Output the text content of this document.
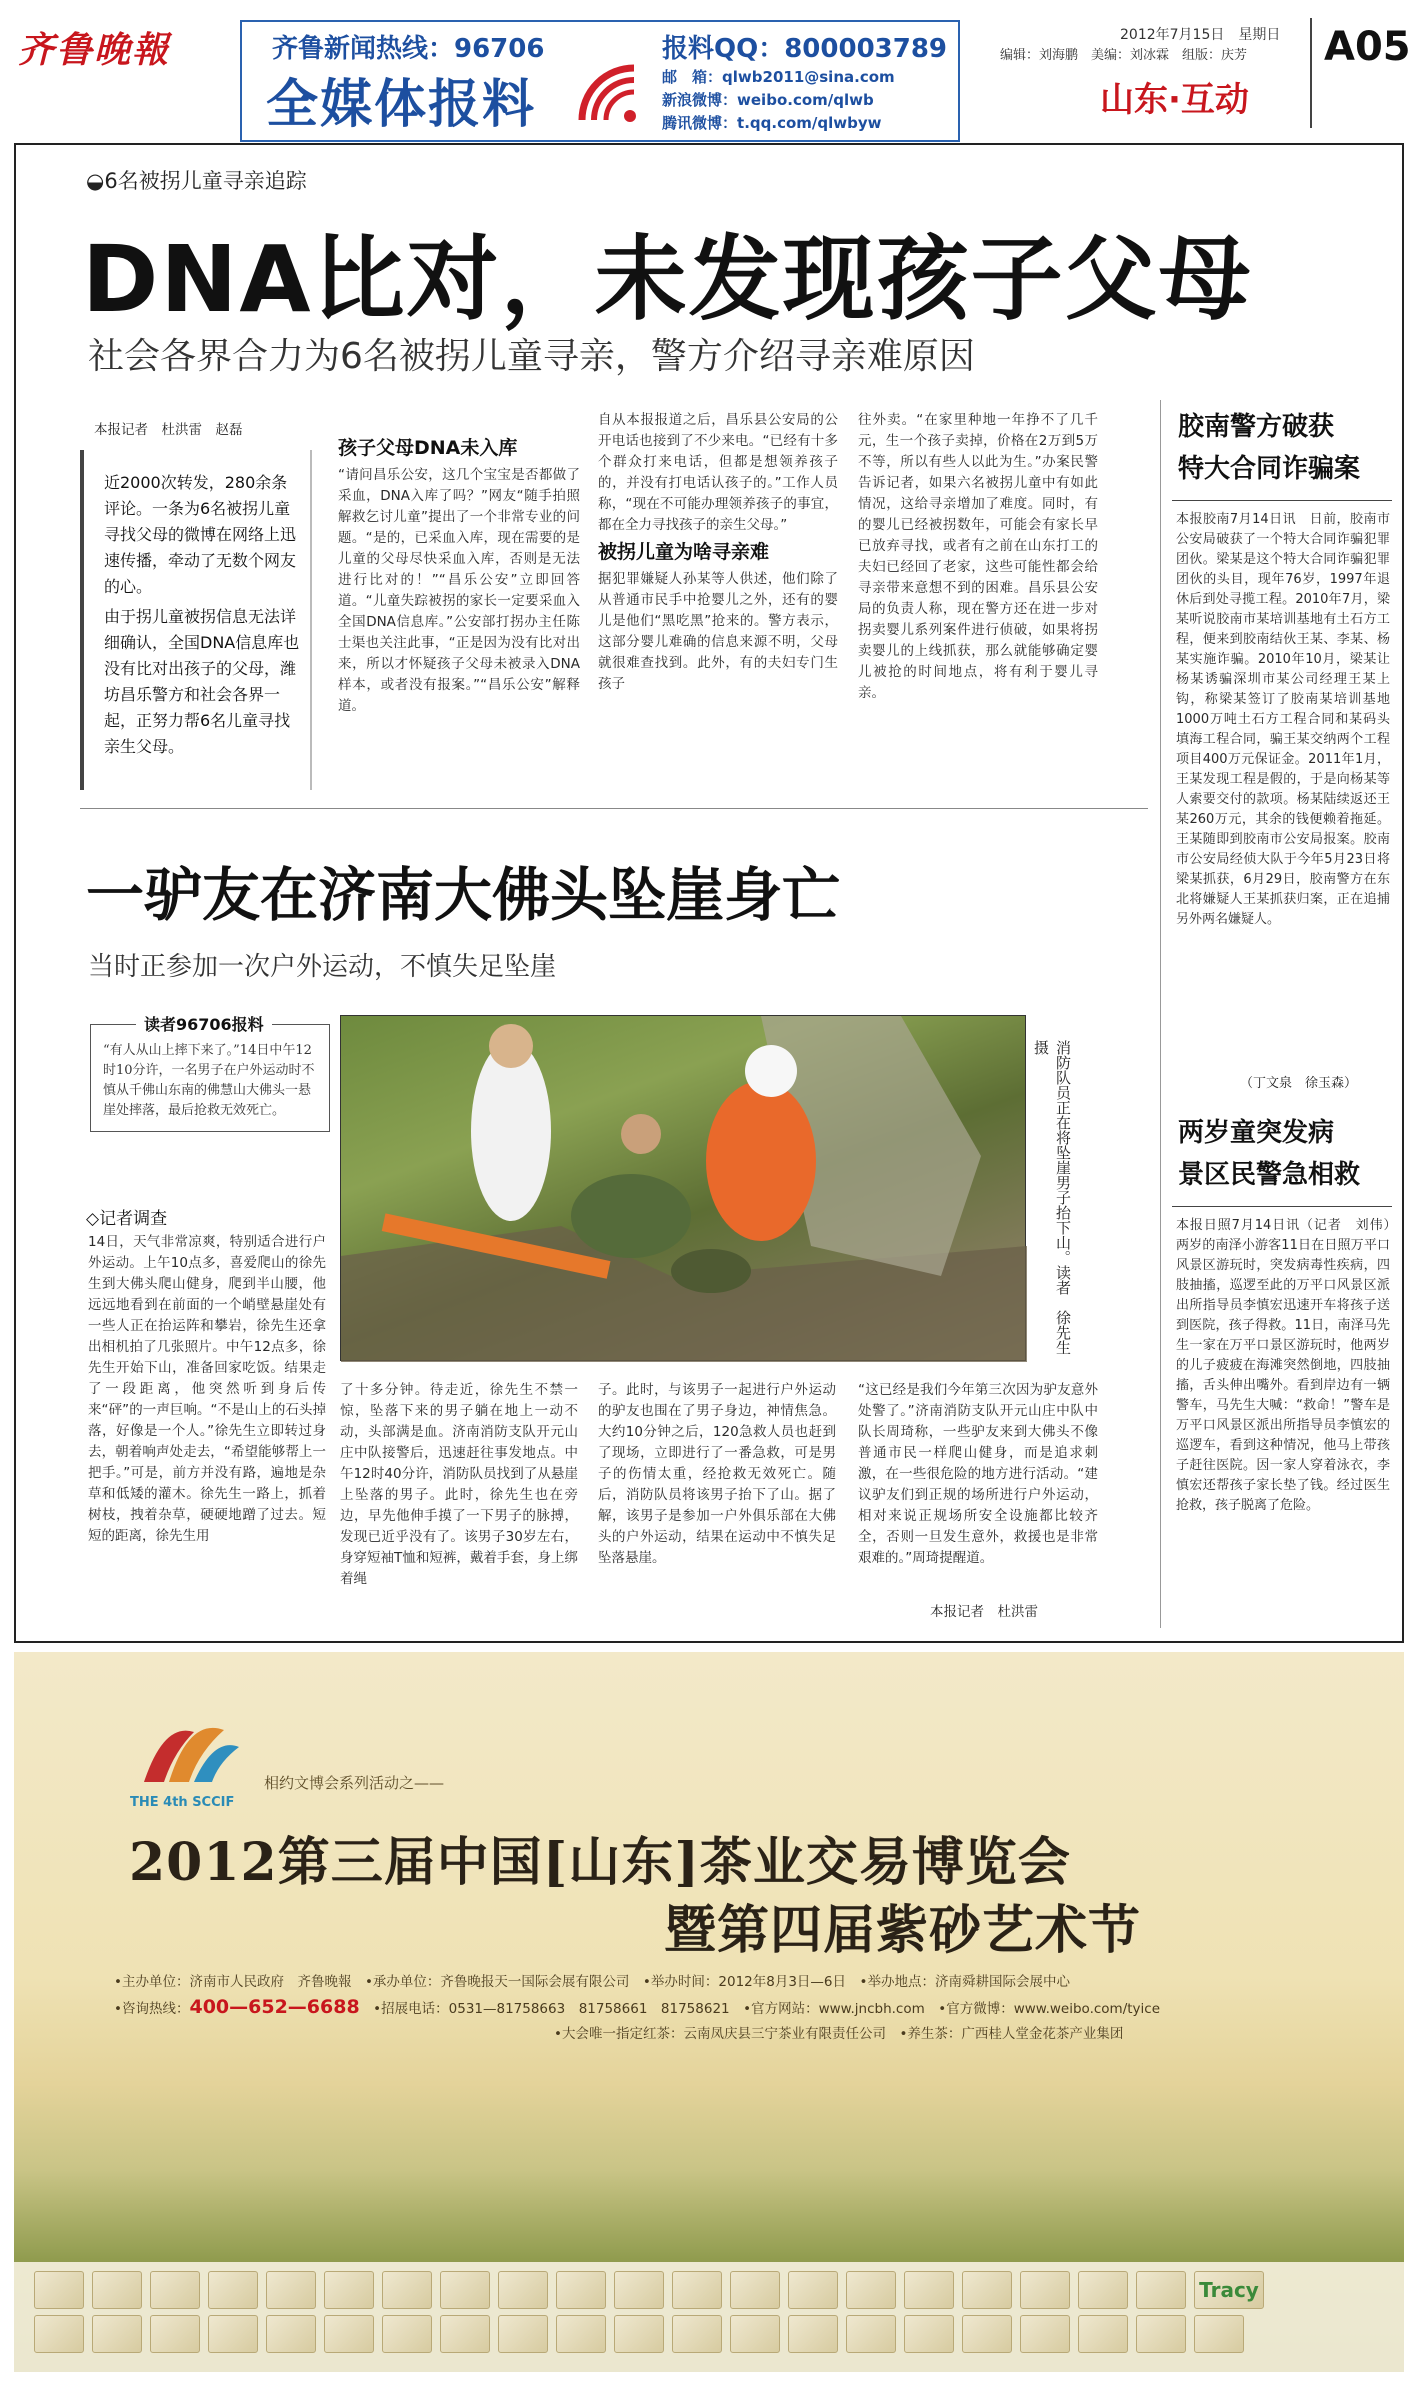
齐鲁晚報	齐鲁新闻热线：96706
全媒体报料
报料QQ：800003789
邮　箱：qlwb2011@sina.com
新浪微博：weibo.com/qlwb
腾讯微博：t.qq.com/qlwbyw
2012年7月15日　星期日
编辑：刘海鹏　美编：刘冰霖　组版：庆芳
山东·互动
A05
◒6名被拐儿童寻亲追踪
DNA比对，未发现孩子父母
社会各界合力为6名被拐儿童寻亲，警方介绍寻亲难原因
本报记者　杜洪雷　赵磊

近2000次转发，280余条评论。一条为6名被拐儿童寻找父母的微博在网络上迅速传播，牵动了无数个网友的心。

由于拐儿童被拐信息无法详细确认，全国DNA信息库也没有比对出孩子的父母，潍坊昌乐警方和社会各界一起，正努力帮6名儿童寻找亲生父母。

孩子父母DNA未入库

“请问昌乐公安，这几个宝宝是否都做了采血，DNA入库了吗？”网友“随手拍照解救乞讨儿童”提出了一个非常专业的问题。“是的，已采血入库，现在需要的是儿童的父母尽快采血入库，否则是无法进行比对的！”“昌乐公安”立即回答道。“儿童失踪被拐的家长一定要采血入全国DNA信息库。”公安部打拐办主任陈士渠也关注此事，“正是因为没有比对出来，所以才怀疑孩子父母未被录入DNA样本，或者没有报案。”“昌乐公安”解释道。

自从本报报道之后，昌乐县公安局的公开电话也接到了不少来电。“已经有十多个群众打来电话，但都是想领养孩子的，并没有打电话认孩子的。”工作人员称，“现在不可能办理领养孩子的事宜，都在全力寻找孩子的亲生父母。”

被拐儿童为啥寻亲难

据犯罪嫌疑人孙某等人供述，他们除了从普通市民手中抢婴儿之外，还有的婴儿是他们“黑吃黑”抢来的。警方表示，这部分婴儿难确的信息来源不明，父母就很难查找到。此外，有的夫妇专门生孩子

往外卖。“在家里种地一年挣不了几千元，生一个孩子卖掉，价格在2万到5万不等，所以有些人以此为生。”办案民警告诉记者，如果六名被拐儿童中有如此情况，这给寻亲增加了难度。同时，有的婴儿已经被拐数年，可能会有家长早已放弃寻找，或者有之前在山东打工的夫妇已经回了老家，这些可能性都会给寻亲带来意想不到的困难。昌乐县公安局的负责人称，现在警方还在进一步对拐卖婴儿系列案件进行侦破，如果将拐卖婴儿的上线抓获，那么就能够确定婴儿被抢的时间地点，将有利于婴儿寻亲。

一驴友在济南大佛头坠崖身亡
当时正参加一次户外运动，不慎失足坠崖
读者96706报料
“有人从山上摔下来了。”14日中午12时10分许，一名男子在户外运动时不慎从千佛山东南的佛慧山大佛头一悬崖处摔落，最后抢救无效死亡。
◇记者调查
14日，天气非常凉爽，特别适合进行户外运动。上午10点多，喜爱爬山的徐先生到大佛头爬山健身，爬到半山腰，他远远地看到在前面的一个峭壁悬崖处有一些人正在抬运阵和攀岩，徐先生还拿出相机拍了几张照片。中午12点多，徐先生开始下山，准备回家吃饭。结果走了一段距离，他突然听到身后传来“砰”的一声巨响。“不是山上的石头掉落，好像是一个人。”徐先生立即转过身去，朝着响声处走去，“希望能够帮上一把手。”可是，前方并没有路，遍地是杂草和低矮的灌木。徐先生一路上，抓着树枝，拽着杂草，硬硬地蹭了过去。短短的距离，徐先生用
消防队员正在将坠崖男子抬下山。读者　徐先生　摄
了十多分钟。待走近，徐先生不禁一惊，坠落下来的男子躺在地上一动不动，头部满是血。济南消防支队开元山庄中队接警后，迅速赶往事发地点。中午12时40分许，消防队员找到了从悬崖上坠落的男子。此时，徐先生也在旁边，早先他伸手摸了一下男子的脉搏，发现已近乎没有了。该男子30岁左右，身穿短袖T恤和短裤，戴着手套，身上绑着绳
子。此时，与该男子一起进行户外运动的驴友也围在了男子身边，神情焦急。大约10分钟之后，120急救人员也赶到了现场，立即进行了一番急救，可是男子的伤情太重，经抢救无效死亡。随后，消防队员将该男子抬下了山。据了解，该男子是参加一户外俱乐部在大佛头的户外运动，结果在运动中不慎失足坠落悬崖。
“这已经是我们今年第三次因为驴友意外处警了。”济南消防支队开元山庄中队中队长周琦称，一些驴友来到大佛头不像普通市民一样爬山健身，而是追求刺激，在一些很危险的地方进行活动。“建议驴友们到正规的场所进行户外运动，相对来说正规场所安全设施都比较齐全，否则一旦发生意外，救援也是非常艰难的。”周琦提醒道。
本报记者　杜洪雷
胶南警方破获
特大合同诈骗案
本报胶南7月14日讯　日前，胶南市公安局破获了一个特大合同诈骗犯罪团伙。梁某是这个特大合同诈骗犯罪团伙的头目，现年76岁，1997年退休后到处寻揽工程。2010年7月，梁某听说胶南市某培训基地有土石方工程，便来到胶南结伙王某、李某、杨某实施诈骗。2010年10月，梁某让杨某诱骗深圳市某公司经理王某上钩，称梁某签订了胶南某培训基地1000万吨土石方工程合同和某码头填海工程合同，骗王某交纳两个工程项目400万元保证金。2011年1月，王某发现工程是假的，于是向杨某等人索要交付的款项。杨某陆续返还王某260万元，其余的钱便赖着拖延。王某随即到胶南市公安局报案。胶南市公安局经侦大队于今年5月23日将梁某抓获，6月29日，胶南警方在东北将嫌疑人王某抓获归案，正在追捕另外两名嫌疑人。
（丁文泉　徐玉森）
两岁童突发病
景区民警急相救
本报日照7月14日讯（记者　刘伟）　两岁的南泽小游客11日在日照万平口风景区游玩时，突发病毒性疾病，四肢抽搐，巡逻至此的万平口风景区派出所指导员李慎宏迅速开车将孩子送到医院，孩子得救。11日，南泽马先生一家在万平口景区游玩时，他两岁的儿子疲疲在海滩突然倒地，四肢抽搐，舌头伸出嘴外。看到岸边有一辆警车，马先生大喊：“救命！”警车是万平口风景区派出所指导员李慎宏的巡逻车，看到这种情况，他马上带孩子赶往医院。因一家人穿着泳衣，李慎宏还帮孩子家长垫了钱。经过医生抢救，孩子脱离了危险。
THE 4th SCCIF
相约文博会系列活动之——
2012第三届中国[山东]茶业交易博览会
暨第四届紫砂艺术节
•主办单位：济南市人民政府　齐鲁晚報　•承办单位：齐鲁晚报天一国际会展有限公司　•举办时间：2012年8月3日—6日　•举办地点：济南舜耕国际会展中心
•咨询热线：400—652—6688　 •招展电话：0531—81758663　81758661　81758621　•官方网站：www.jncbh.com　•官方微博：www.weibo.com/tyice
•大会唯一指定红茶：云南凤庆县三宁茶业有限责任公司　•养生茶：广西桂人堂金花茶产业集团
Tracy
